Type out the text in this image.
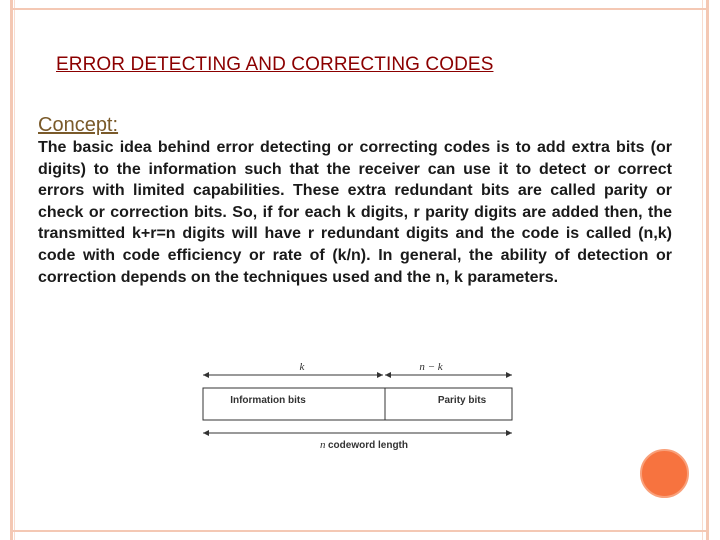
ERROR DETECTING AND CORRECTING CODES
Concept:
The basic idea behind error detecting or correcting codes is to add extra bits (or digits) to the information such that the receiver can use it to detect or correct errors with limited capabilities. These extra redundant bits are called parity or check or correction bits. So, if for each k digits, r parity digits are added then, the transmitted k+r=n digits will have r redundant digits and the code is called (n,k) code with code efficiency or rate of (k/n). In general, the ability of detection or correction depends on the techniques used and the n, k parameters.
k	n − k
Information bits	Parity bits
n codeword length
